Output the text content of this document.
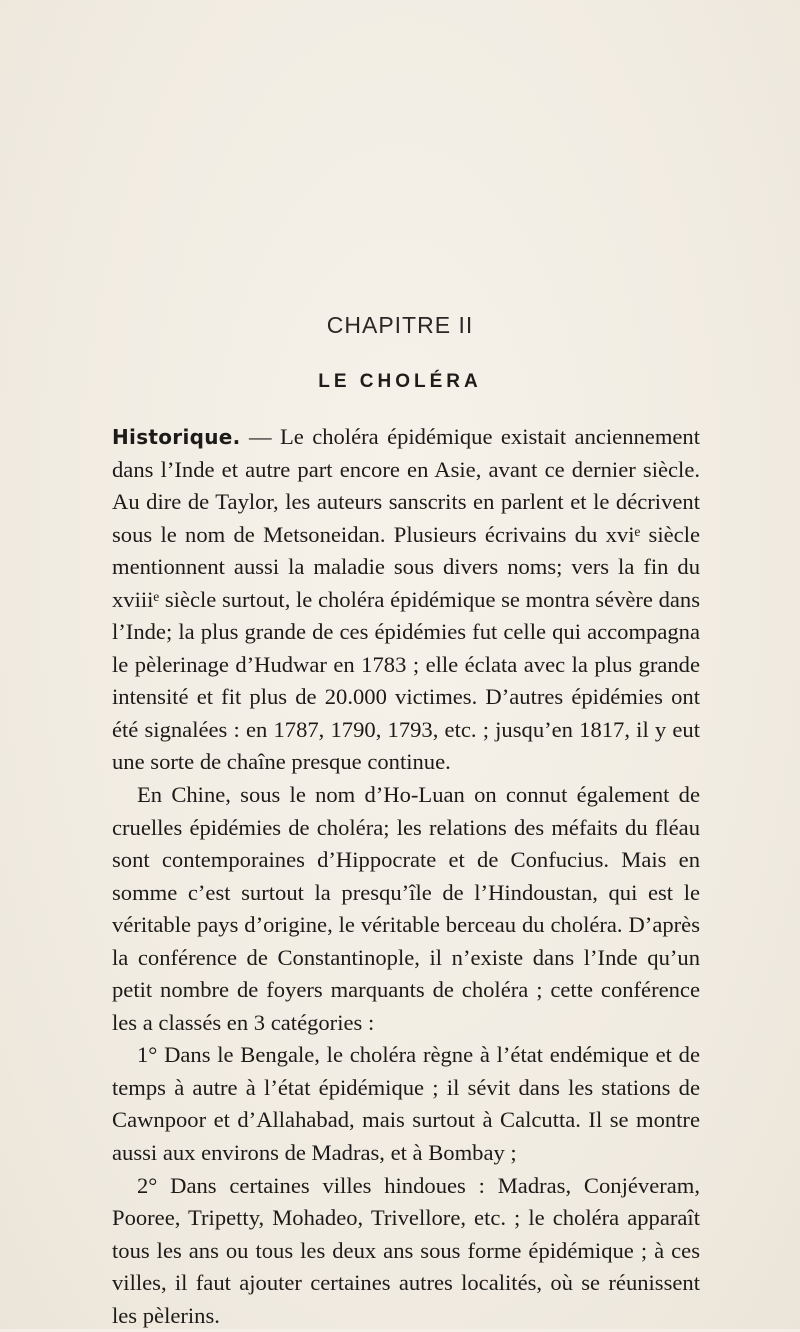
CHAPITRE II
LE CHOLÉRA

Historique. — Le choléra épidémique existait anciennement dans l’Inde et autre part encore en Asie, avant ce dernier siècle. Au dire de Taylor, les auteurs sanscrits en parlent et le décrivent sous le nom de Metsoneidan. Plusieurs écrivains du xviᵉ siècle mentionnent aussi la maladie sous divers noms; vers la fin du xviiiᵉ siècle surtout, le choléra épidémique se montra sévère dans l’Inde; la plus grande de ces épidémies fut celle qui accompagna le pèlerinage d’Hudwar en 1783 ; elle éclata avec la plus grande intensité et fit plus de 20.000 victimes. D’autres épidémies ont été signalées : en 1787, 1790, 1793, etc. ; jusqu’en 1817, il y eut une sorte de chaîne presque continue.

En Chine, sous le nom d’Ho-Luan on connut également de cruelles épidémies de choléra; les relations des méfaits du fléau sont contemporaines d’Hippocrate et de Confucius. Mais en somme c’est surtout la presqu’île de l’Hindoustan, qui est le véritable pays d’origine, le véritable berceau du choléra. D’après la conférence de Constantinople, il n’existe dans l’Inde qu’un petit nombre de foyers marquants de choléra ; cette conférence les a classés en 3 catégories :

1° Dans le Bengale, le choléra règne à l’état endémique et de temps à autre à l’état épidémique ; il sévit dans les stations de Cawnpoor et d’Allahabad, mais surtout à Calcutta. Il se montre aussi aux environs de Madras, et à Bombay ;

2° Dans certaines villes hindoues : Madras, Conjéveram, Pooree, Tripetty, Mohadeo, Trivellore, etc. ; le choléra apparaît tous les ans ou tous les deux ans sous forme épidémique ; à ces villes, il faut ajouter certaines autres localités, où se réunissent les pèlerins.
